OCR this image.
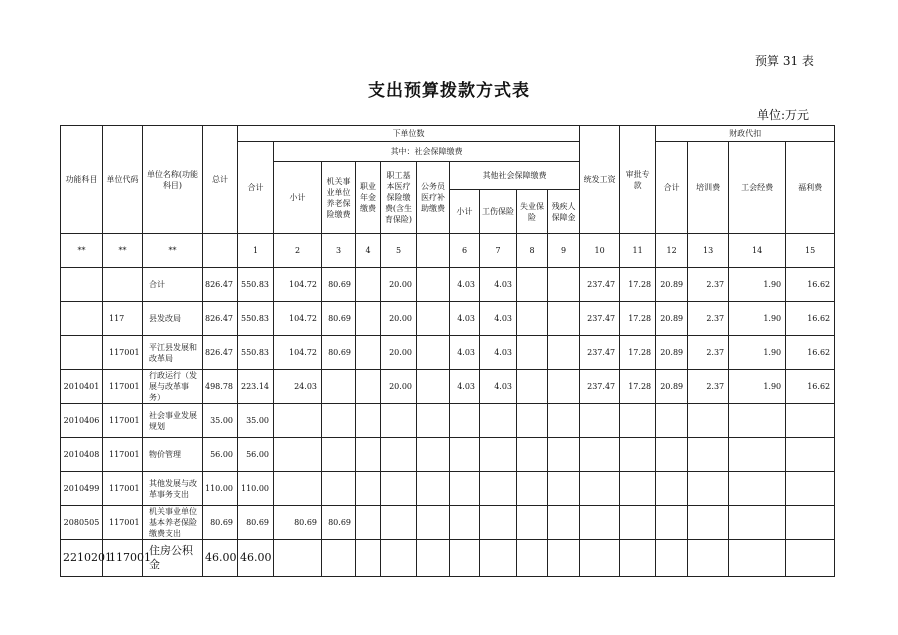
预算 31 表
支出预算拨款方式表
单位:万元
功能科目	单位代码	单位名称(功能科目)	总计	下单位数										统发工资	审批专款	财政代扣			
				合计	其中：社会保障缴费											合计	培训费	工会经费	福利费
					小计	机关事业单位养老保险缴费	职业年金缴费	职工基本医疗保险缴费(含生育保险)	公务员医疗补助缴费	其他社会保障缴费									
										小计	工伤保险	失业保险	残疾人保障金						
**	**	**		1	2	3	4	5		6	7	8	9	10	11	12	13	14	15
		合计	826.47	550.83	104.72	80.69		20.00		4.03	4.03			237.47	17.28	20.89	2.37	1.90	16.62
	117	县发改局	826.47	550.83	104.72	80.69		20.00		4.03	4.03			237.47	17.28	20.89	2.37	1.90	16.62
	117001	平江县发展和改革局	826.47	550.83	104.72	80.69		20.00		4.03	4.03			237.47	17.28	20.89	2.37	1.90	16.62
2010401	117001	行政运行（发展与改革事务）	498.78	223.14	24.03			20.00		4.03	4.03			237.47	17.28	20.89	2.37	1.90	16.62
2010406	117001	社会事业发展规划	35.00	35.00															
2010408	117001	物价管理	56.00	56.00															
2010499	117001	其他发展与改革事务支出	110.00	110.00															
2080505	117001	机关事业单位基本养老保险缴费支出	80.69	80.69	80.69	80.69													
2210201	117001	住房公积金	46.00	46.00															
